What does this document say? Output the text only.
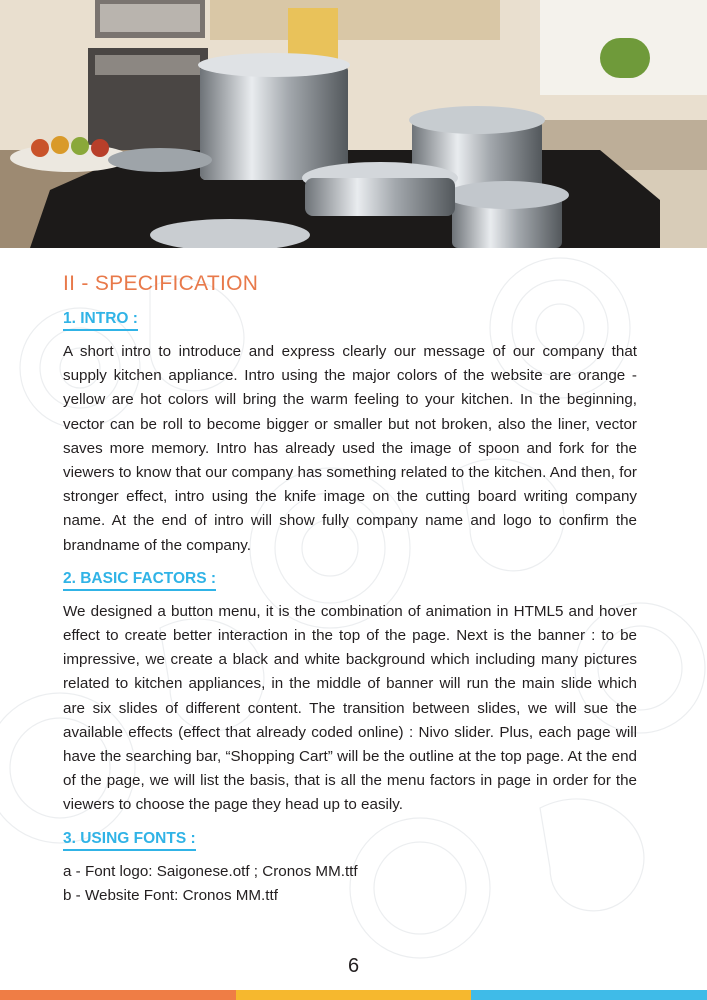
II - SPECIFICATION
1. INTRO :

A short intro to introduce and express clearly our message of our company that supply kitchen appliance. Intro using the major colors of the website are orange - yellow are hot colors will bring the warm feeling to your kitchen. In the beginning, vector can be roll to become bigger or smaller but not broken, also the liner, vector saves more memory. Intro has already used the image of spoon and fork for the viewers to know that our company has something related to the kitchen. And then, for stronger effect, intro using the knife image on the cutting board writing company name. At the end of intro will show fully company name and logo to confirm the brandname of the company.

2. BASIC FACTORS :

We designed a button menu, it is the combination of animation in HTML5 and hover effect to create better interaction in the top of the page. Next is the banner : to be impressive, we create a black and white background which including many pictures related to kitchen appliances, in the middle of banner will run the main slide which are six slides of different content. The transition between slides, we will sue the available effects (effect that already coded online) : Nivo slider. Plus, each page will have the searching bar, “Shopping Cart” will be the outline at the top page. At the end of the page, we will list the basis, that is all the menu factors in page in order for the viewers to choose the page they head up to easily.

3. USING FONTS :

a - Font logo: Saigonese.otf ; Cronos MM.ttf

b - Website Font: Cronos MM.ttf

6
